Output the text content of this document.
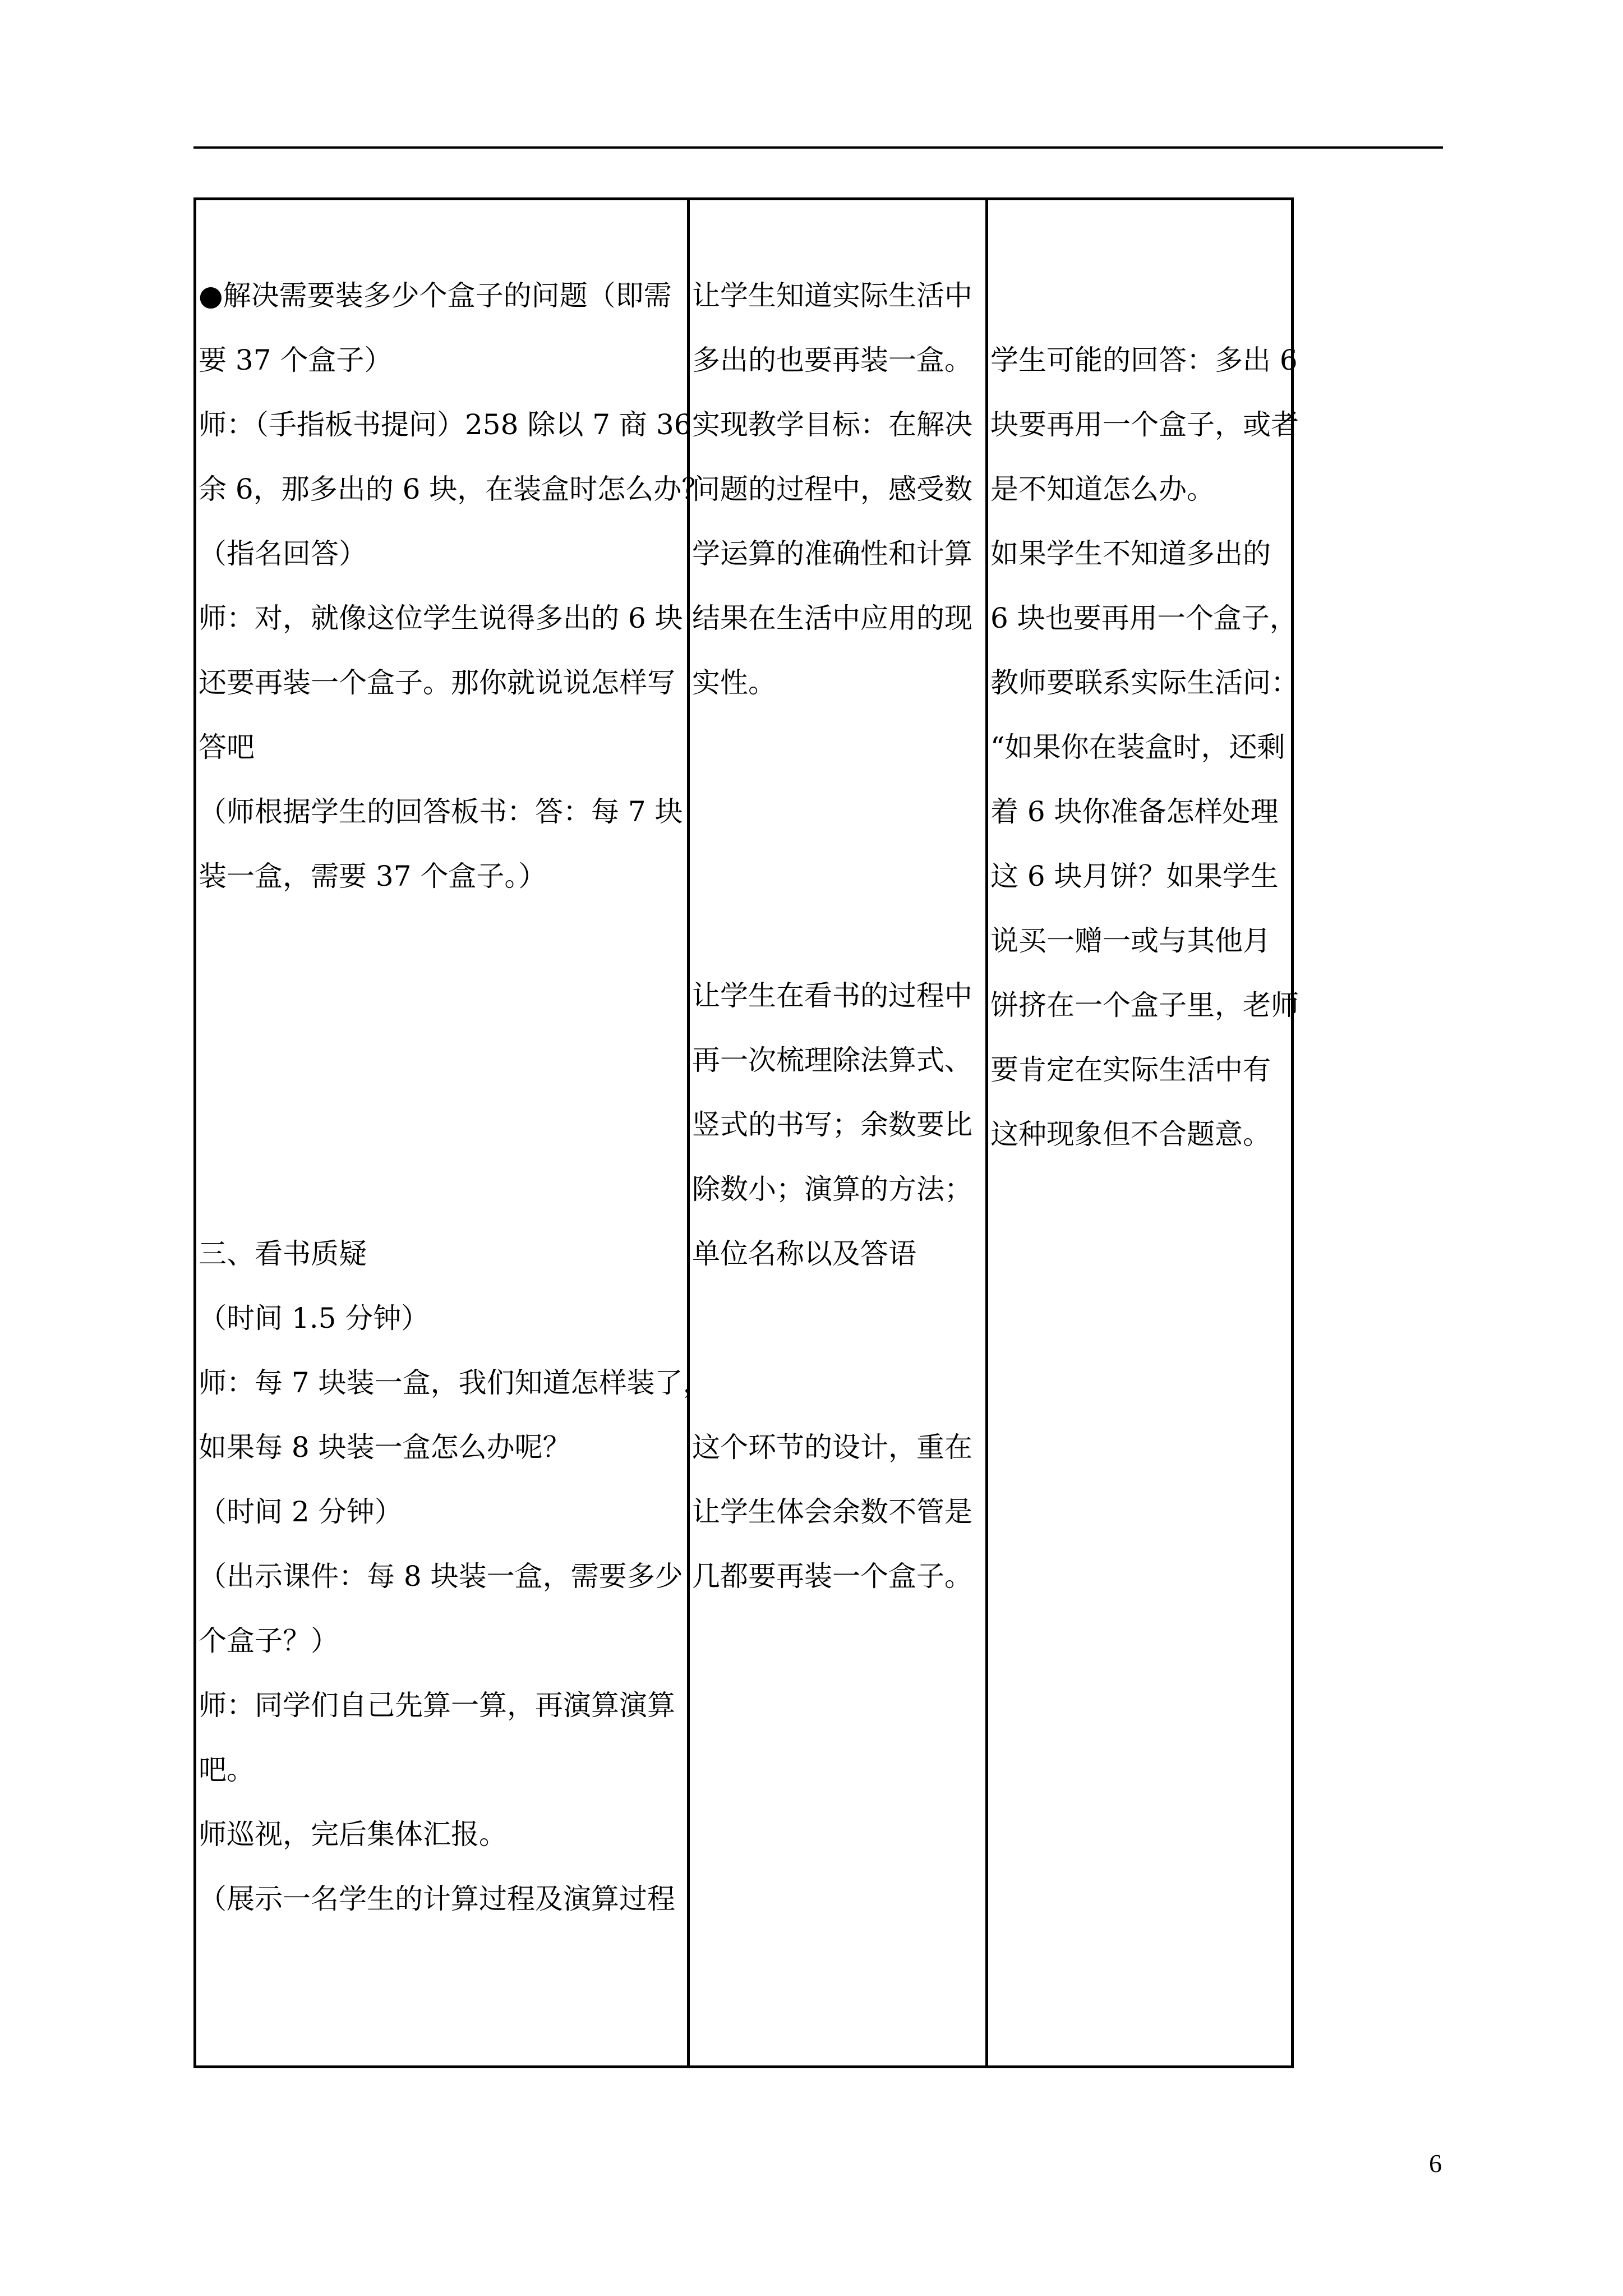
●解决需要装多少个盒子的问题（即需
要 37 个盒子）
师：（手指板书提问）258 除以 7 商 36
余 6，那多出的 6 块，在装盒时怎么办？
（指名回答）
师：对，就像这位学生说得多出的 6 块
还要再装一个盒子。那你就说说怎样写
答吧
（师根据学生的回答板书：答：每 7 块
装一盒，需要 37 个盒子。）
三、看书质疑
（时间 1.5 分钟）
师：每 7 块装一盒，我们知道怎样装了，
如果每 8 块装一盒怎么办呢？
（时间 2 分钟）
（出示课件：每 8 块装一盒，需要多少
个盒子？）
师：同学们自己先算一算，再演算演算
吧。
师巡视，完后集体汇报。
（展示一名学生的计算过程及演算过程
让学生知道实际生活中
多出的也要再装一盒。
实现教学目标：在解决
问题的过程中，感受数
学运算的准确性和计算
结果在生活中应用的现
实性。
让学生在看书的过程中
再一次梳理除法算式、
竖式的书写；余数要比
除数小；演算的方法；
单位名称以及答语
这个环节的设计，重在
让学生体会余数不管是
几都要再装一个盒子。
学生可能的回答：多出 6
块要再用一个盒子，或者
是不知道怎么办。
如果学生不知道多出的
6 块也要再用一个盒子，
教师要联系实际生活问：
“如果你在装盒时，还剩
着 6 块你准备怎样处理
这 6 块月饼？如果学生
说买一赠一或与其他月
饼挤在一个盒子里，老师
要肯定在实际生活中有
这种现象但不合题意。
6
